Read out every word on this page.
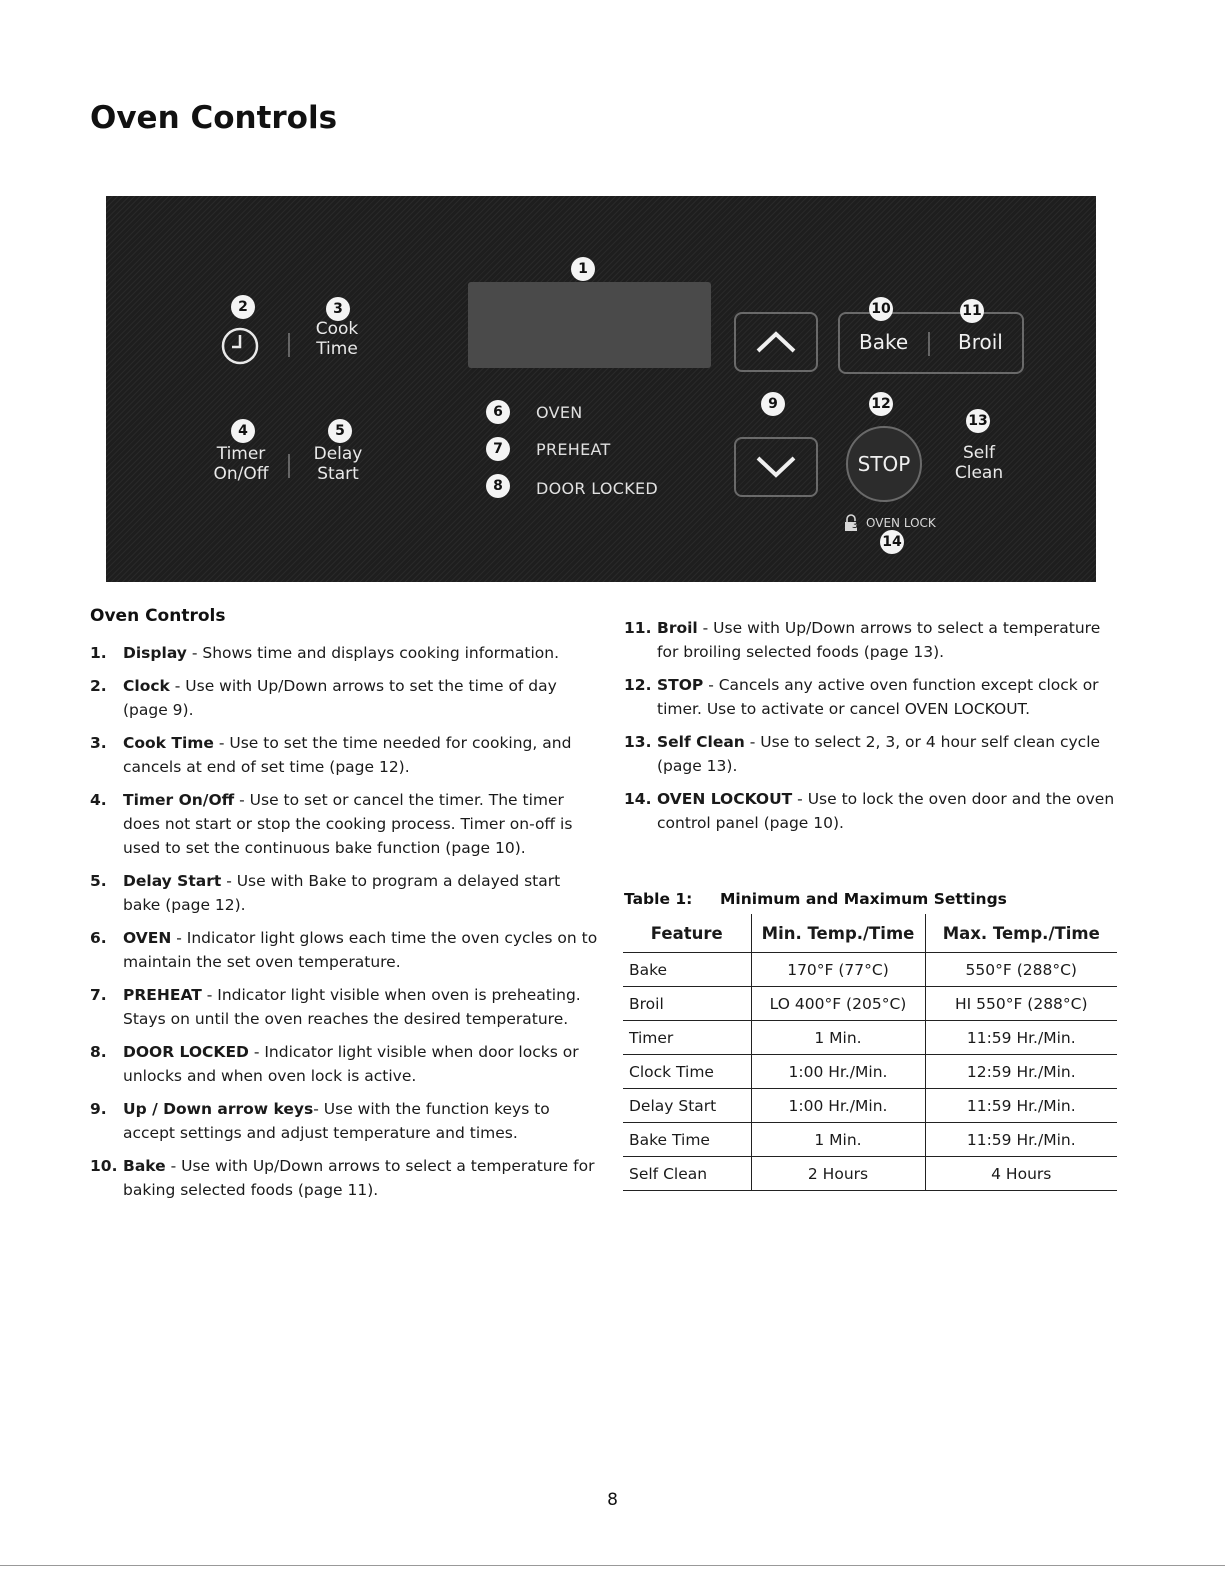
Oven Controls
1
2	3
Cook
Time
4
Timer
On/Off
5
Delay
Start
6	OVEN
7	PREHEAT
8	DOOR LOCKED
9
10	11
Bake Broil
12
STOP
13
Self
Clean
3 OVEN LOCK
14
Oven Controls
1. Display - Shows time and displays cooking information.
2. Clock - Use with Up/Down arrows to set the time of day (page 9).
3. Cook Time - Use to set the time needed for cooking, and cancels at end of set time (page 12).
4. Timer On/Off - Use to set or cancel the timer. The timer does not start or stop the cooking process. Timer on-off is used to set the continuous bake function (page 10).
5. Delay Start - Use with Bake to program a delayed start bake (page 12).
6. OVEN - Indicator light glows each time the oven cycles on to maintain the set oven temperature.
7. PREHEAT - Indicator light visible when oven is preheating. Stays on until the oven reaches the desired temperature.
8. DOOR LOCKED - Indicator light visible when door locks or unlocks and when oven lock is active.
9. Up / Down arrow keys- Use with the function keys to accept settings and adjust temperature and times.
10. Bake - Use with Up/Down arrows to select a temperature for baking selected foods (page 11).
11. Broil - Use with Up/Down arrows to select a temperature for broiling selected foods (page 13).
12. STOP - Cancels any active oven function except clock or timer. Use to activate or cancel OVEN LOCKOUT.
13. Self Clean - Use to select 2, 3, or 4 hour self clean cycle (page 13).
14. OVEN LOCKOUT - Use to lock the oven door and the oven control panel (page 10).
Table 1: Minimum and Maximum Settings
Feature	Min. Temp./Time	Max. Temp./Time
Bake	170°F (77°C)	550°F (288°C)
Broil	LO 400°F (205°C)	HI 550°F (288°C)
Timer	1 Min.	11:59 Hr./Min.
Clock Time	1:00 Hr./Min.	12:59 Hr./Min.
Delay Start	1:00 Hr./Min.	11:59 Hr./Min.
Bake Time	1 Min.	11:59 Hr./Min.
Self Clean	2 Hours	4 Hours
8
